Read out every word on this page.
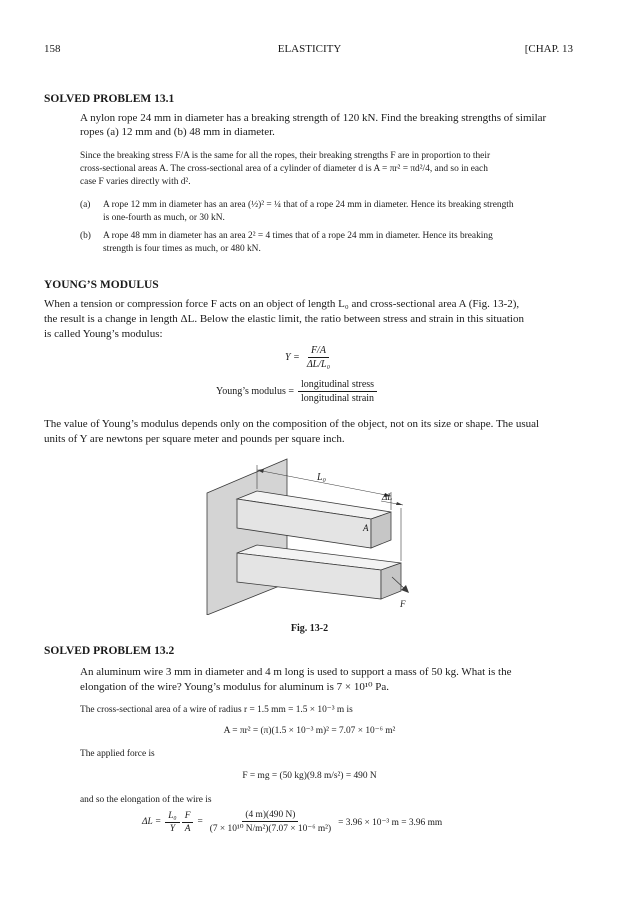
158	ELASTICITY	[CHAP. 13
SOLVED PROBLEM 13.1
A nylon rope 24 mm in diameter has a breaking strength of 120 kN. Find the breaking strengths of similar
ropes (a) 12 mm and (b) 48 mm in diameter.
Since the breaking stress F/A is the same for all the ropes, their breaking strengths F are in proportion to their
cross-sectional areas A. The cross-sectional area of a cylinder of diameter d is A = πr² = πd²/4, and so in each
case F varies directly with d².
(a) A rope 12 mm in diameter has an area (½)² = ¼ that of a rope 24 mm in diameter. Hence its breaking strength
is one-fourth as much, or 30 kN.
(b) A rope 48 mm in diameter has an area 2² = 4 times that of a rope 24 mm in diameter. Hence its breaking
strength is four times as much, or 480 kN.
YOUNG’S MODULUS
When a tension or compression force F acts on an object of length L₀ and cross-sectional area A (Fig. 13-2),
the result is a change in length ΔL. Below the elastic limit, the ratio between stress and strain in this situation
is called Young’s modulus:
$Y = \frac{F/A}{\text{ΔL/L₀}}$
Young’s modulus = $\frac{\text{longitudinal stress}}{\text{longitudinal strain}}$
The value of Young’s modulus depends only on the composition of the object, not on its size or shape. The usual
units of Y are newtons per square meter and pounds per square inch.
L₀
ΔL
A
F
Fig. 13-2
SOLVED PROBLEM 13.2
An aluminum wire 3 mm in diameter and 4 m long is used to support a mass of 50 kg. What is the
elongation of the wire? Young’s modulus for aluminum is 7 × 10¹⁰ Pa.
The cross-sectional area of a wire of radius r = 1.5 mm = 1.5 × 10⁻³ m is
A = πr² = (π)(1.5 × 10⁻³ m)² = 7.07 × 10⁻⁶ m²
The applied force is
F = mg = (50 kg)(9.8 m/s²) = 490 N
and so the elongation of the wire is
$\Delta L = \frac{\text{L₀}}{Y} \frac{F}{A} = \frac{(4 m)(490 N)}{\text{(7 × 10¹⁰ N/m²)(7.07 × 10⁻⁶ m²)}} = 3.96 \times 10^{-3}$ m = 3.96 mm
